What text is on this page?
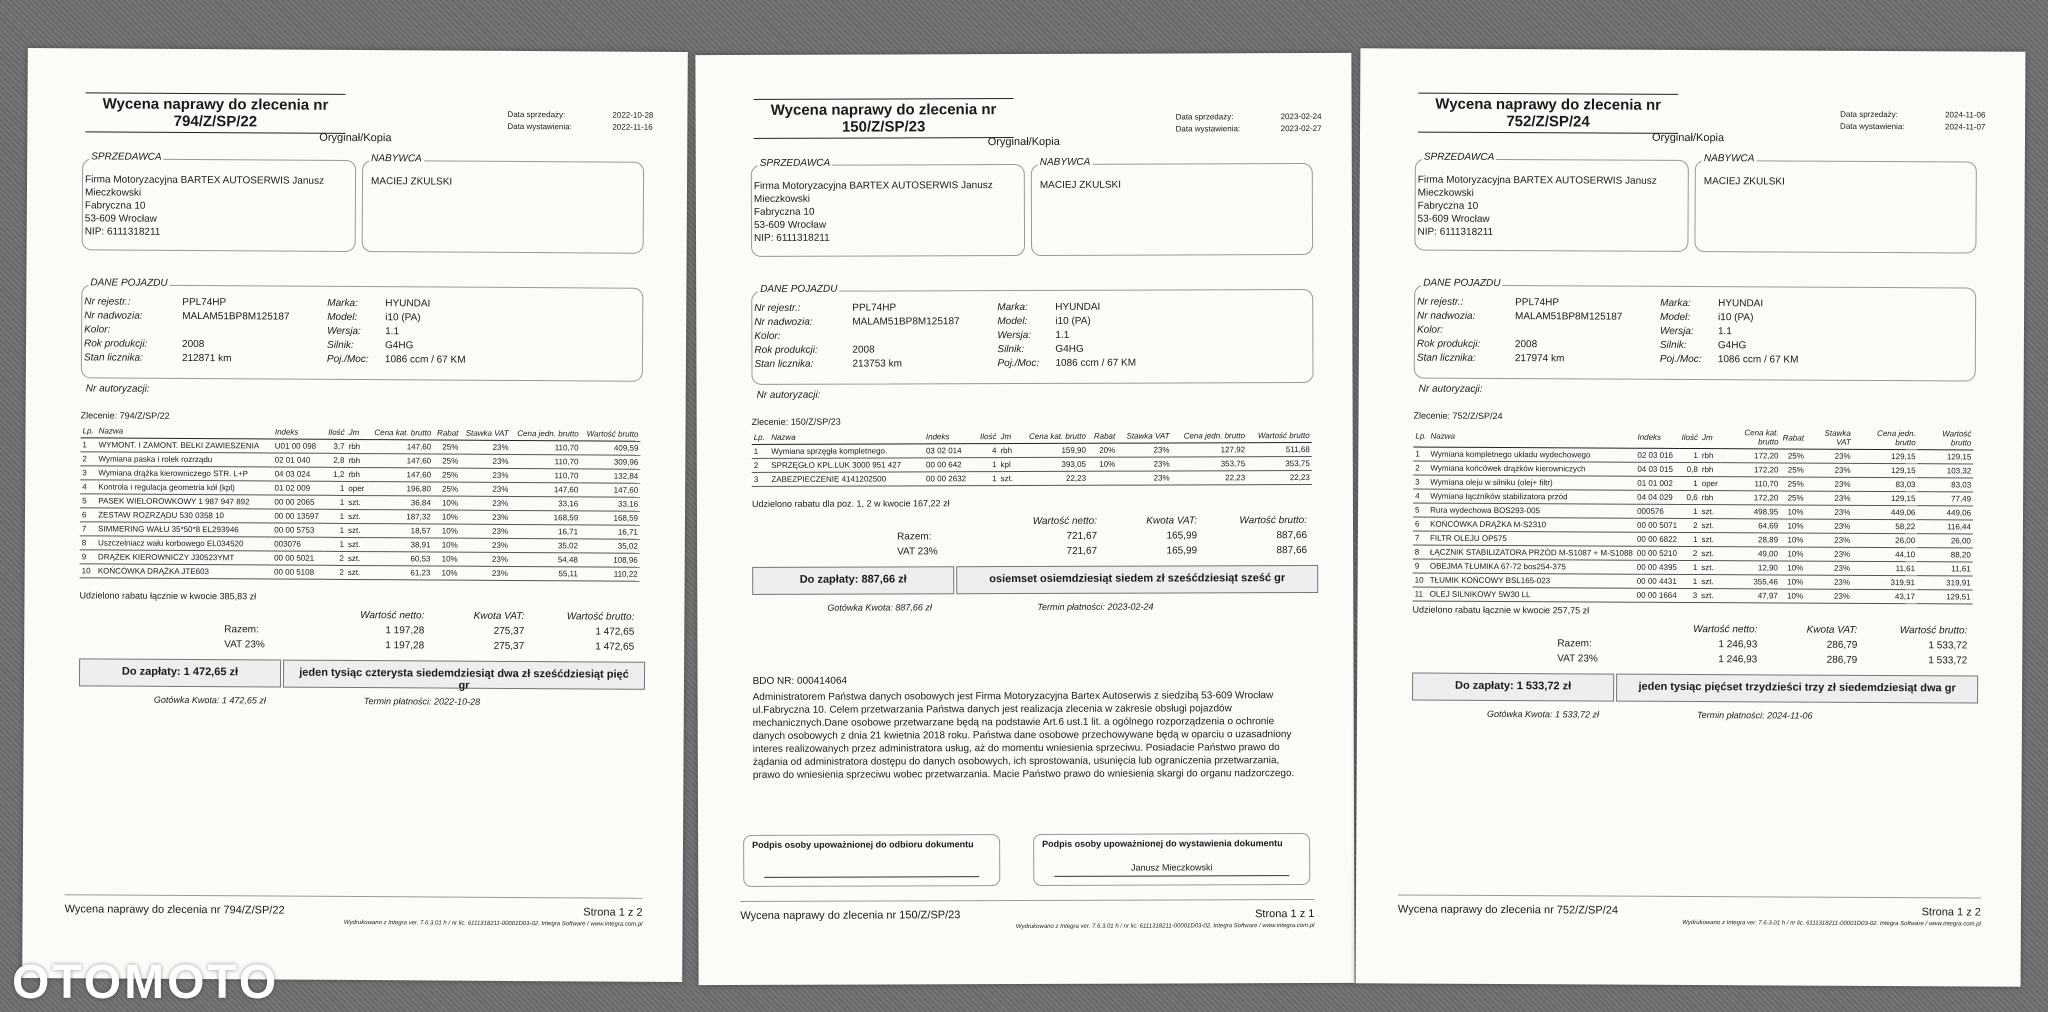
Wycena naprawy do zlecenia nr
794/Z/SP/22
Oryginał/Kopia
Data sprzedaży:	2022-10-28
Data wystawienia:	2022-11-16
SPRZEDAWCA
Firma Motoryzacyjna BARTEX AUTOSERWIS Janusz
Mieczkowski
Fabryczna 10
53-609 Wrocław
NIP: 6111318211
NABYWCA
MACIEJ ZKULSKI
DANE POJAZDU
Nr rejestr.:	PPL74HP	Marka:	HYUNDAI
Nr nadwozia:	MALAM51BP8M125187	Model:	i10 (PA)
Kolor:	Wersja:	1.1
Rok produkcji:	2008	Silnik:	G4HG
Stan licznika:	212871 km	Poj./Moc:	1086 ccm / 67 KM
Nr autoryzacji:
Zlecenie: 794/Z/SP/22
Lp.	Nazwa	Indeks	Ilość	Jm	Cena kat. brutto	Rabat	Stawka VAT	Cena jedn. brutto	Wartość brutto
1	WYMONT. I ZAMONT. BELKI ZAWIESZENIA	U01 00 098	3,7	rbh	147,60	25%	23%	110,70	409,59
2	Wymiana paska i rolek rozrządu	02 01 040	2,8	rbh	147,60	25%	23%	110,70	309,96
3	Wymiana drążka kierowniczego STR. L+P	04 03 024	1,2	rbh	147,60	25%	23%	110,70	132,84
4	Kontrola i regulacja geometria kół (kpl)	01 02 009	1	oper	196,80	25%	23%	147,60	147,60
5	PASEK WIELOROWKOWY 1 987 947 892	00 00 2065	1	szt.	36,84	10%	23%	33,16	33,16
6	ZESTAW ROZRZĄDU 530 0358 10	00 00 13597	1	szt.	187,32	10%	23%	168,59	168,59
7	SIMMERING WAŁU 35*50*8 EL293946	00 00 5753	1	szt.	18,57	10%	23%	16,71	16,71
8	Uszczelniacz wału korbowego EL034520	003076	1	szt.	38,91	10%	23%	35,02	35,02
9	DRĄŻEK KIEROWNICZY J30523YMT	00 00 5021	2	szt.	60,53	10%	23%	54,48	108,96
10	KOŃCÓWKA DRĄŻKA JTE603	00 00 5108	2	szt.	61,23	10%	23%	55,11	110,22
Udzielono rabatu łącznie w kwocie 385,83 zł
Wartość netto:	Kwota VAT:	Wartość brutto:
Razem:	1 197,28	275,37	1 472,65
VAT 23%	1 197,28	275,37	1 472,65
Do zapłaty: 1 472,65 zł	jeden tysiąc czterysta siedemdziesiąt dwa zł sześćdziesiąt pięć gr
Gotówka Kwota: 1 472,65 zł	Termin płatności: 2022-10-28
Wycena naprawy do zlecenia nr 794/Z/SP/22	Strona 1 z 2
Wydrukowano z Integra ver. 7.6.3.01 h / nr lic. 6111318211-00001D03-02. Integra Software / www.integra.com.pl
Wycena naprawy do zlecenia nr
150/Z/SP/23
Oryginał/Kopia
Data sprzedaży:	2023-02-24
Data wystawienia:	2023-02-27
SPRZEDAWCA
Firma Motoryzacyjna BARTEX AUTOSERWIS Janusz
Mieczkowski
Fabryczna 10
53-609 Wrocław
NIP: 6111318211
NABYWCA
MACIEJ ZKULSKI
DANE POJAZDU
Nr rejestr.:	PPL74HP	Marka:	HYUNDAI
Nr nadwozia:	MALAM51BP8M125187	Model:	i10 (PA)
Kolor:	Wersja:	1.1
Rok produkcji:	2008	Silnik:	G4HG
Stan licznika:	213753 km	Poj./Moc:	1086 ccm / 67 KM
Nr autoryzacji:
Zlecenie: 150/Z/SP/23
Lp.	Nazwa	Indeks	Ilość	Jm	Cena kat. brutto	Rabat	Stawka VAT	Cena jedn. brutto	Wartość brutto
1	Wymiana sprzęgła kompletnego.	03 02 014	4	rbh	159,90	20%	23%	127,92	511,68
2	SPRZĘGŁO KPL.LUK 3000 951 427	00 00 642	1	kpl	393,05	10%	23%	353,75	353,75
3	ZABEZPIECZENIE 4141202500	00 00 2632	1	szt.	22,23		23%	22,23	22,23
Udzielono rabatu dla poz. 1, 2 w kwocie 167,22 zł
Wartość netto:	Kwota VAT:	Wartość brutto:
Razem:	721,67	165,99	887,66
VAT 23%	721,67	165,99	887,66
Do zapłaty: 887,66 zł	osiemset osiemdziesiąt siedem zł sześćdziesiąt sześć gr
Gotówka Kwota: 887,66 zł	Termin płatności: 2023-02-24
BDO NR: 000414064
Administratorem Państwa danych osobowych jest Firma Motoryzacyjna Bartex Autoserwis z siedzibą 53-609 Wrocław ul.Fabryczna 10. Celem przetwarzania Państwa danych jest realizacja zlecenia w zakresie obsługi pojazdów mechanicznych.Dane osobowe przetwarzane będą na podstawie Art.6 ust.1 lit. a ogólnego rozporządzenia o ochronie danych osobowych z dnia 21 kwietnia 2018 roku. Państwa dane osobowe przechowywane będą w oparciu o uzasadniony interes realizowanych przez administratora usług, aż do momentu wniesienia sprzeciwu. Posiadacie Państwo prawo do żądania od administratora dostępu do danych osobowych, ich sprostowania, usunięcia lub ograniczenia przetwarzania, prawo do wniesienia sprzeciwu wobec przetwarzania. Macie Państwo prawo do wniesienia skargi do organu nadzorczego.
Podpis osoby upoważnionej do odbioru dokumentu	Podpis osoby upoważnionej do wystawienia dokumentu
Janusz Mieczkowski
Wycena naprawy do zlecenia nr 150/Z/SP/23	Strona 1 z 1
Wydrukowano z Integra ver. 7.6.3.01 h / nr lic. 6111318211-00001D03-02. Integra Software / www.integra.com.pl
Wycena naprawy do zlecenia nr
752/Z/SP/24
Oryginał/Kopia
Data sprzedaży:	2024-11-06
Data wystawienia:	2024-11-07
SPRZEDAWCA
Firma Motoryzacyjna BARTEX AUTOSERWIS Janusz
Mieczkowski
Fabryczna 10
53-609 Wrocław
NIP: 6111318211
NABYWCA
MACIEJ ZKULSKI
DANE POJAZDU
Nr rejestr.:	PPL74HP	Marka:	HYUNDAI
Nr nadwozia:	MALAM51BP8M125187	Model:	i10 (PA)
Kolor:	Wersja:	1.1
Rok produkcji:	2008	Silnik:	G4HG
Stan licznika:	217974 km	Poj./Moc:	1086 ccm / 67 KM
Nr autoryzacji:
Zlecenie: 752/Z/SP/24
Lp.	Nazwa	Indeks	Ilość	Jm	Cena kat. brutto	Rabat	Stawka VAT	Cena jedn. brutto	Wartość brutto
1	Wymiana kompletnego układu wydechowego	02 03 016	1	rbh	172,20	25%	23%	129,15	129,15
2	Wymiana końcówek drążków kierowniczych	04 03 015	0,8	rbh	172,20	25%	23%	129,15	103,32
3	Wymiana oleju w silniku (olej+ filtr)	01 01 002	1	oper	110,70	25%	23%	83,03	83,03
4	Wymiana łączników stabilizatora przód	04 04 029	0,6	rbh	172,20	25%	23%	129,15	77,49
5	Rura wydechowa BOS293-005	000576	1	szt.	498,95	10%	23%	449,06	449,06
6	KOŃCÓWKA DRĄŻKA M-S2310	00 00 5071	2	szt.	64,69	10%	23%	58,22	116,44
7	FILTR OLEJU OP575	00 00 6822	1	szt.	28,89	10%	23%	26,00	26,00
8	ŁĄCZNIK STABILIZATORA PRZÓD M-S1087 + M-S1088	00 00 5210	2	szt.	49,00	10%	23%	44,10	88,20
9	OBEJMA TŁUMIKA 67-72 bos254-375	00 00 4395	1	szt.	12,90	10%	23%	11,61	11,61
10	TŁUMIK KOŃCOWY BSL165-023	00 00 4431	1	szt.	355,46	10%	23%	319,91	319,91
11	OLEJ SILNIKOWY 5W30 LL	00 00 1664	3	szt.	47,97	10%	23%	43,17	129,51
Udzielono rabatu łącznie w kwocie 257,75 zł
Wartość netto:	Kwota VAT:	Wartość brutto:
Razem:	1 246,93	286,79	1 533,72
VAT 23%	1 246,93	286,79	1 533,72
Do zapłaty: 1 533,72 zł	jeden tysiąc pięćset trzydzieści trzy zł siedemdziesiąt dwa gr
Gotówka Kwota: 1 533,72 zł	Termin płatności: 2024-11-06
Wycena naprawy do zlecenia nr 752/Z/SP/24	Strona 1 z 2
Wydrukowano z Integra ver. 7.6.3.01 h / nr lic. 6111318211-00001D03-02. Integra Software / www.integra.com.pl
OTOMOTO
